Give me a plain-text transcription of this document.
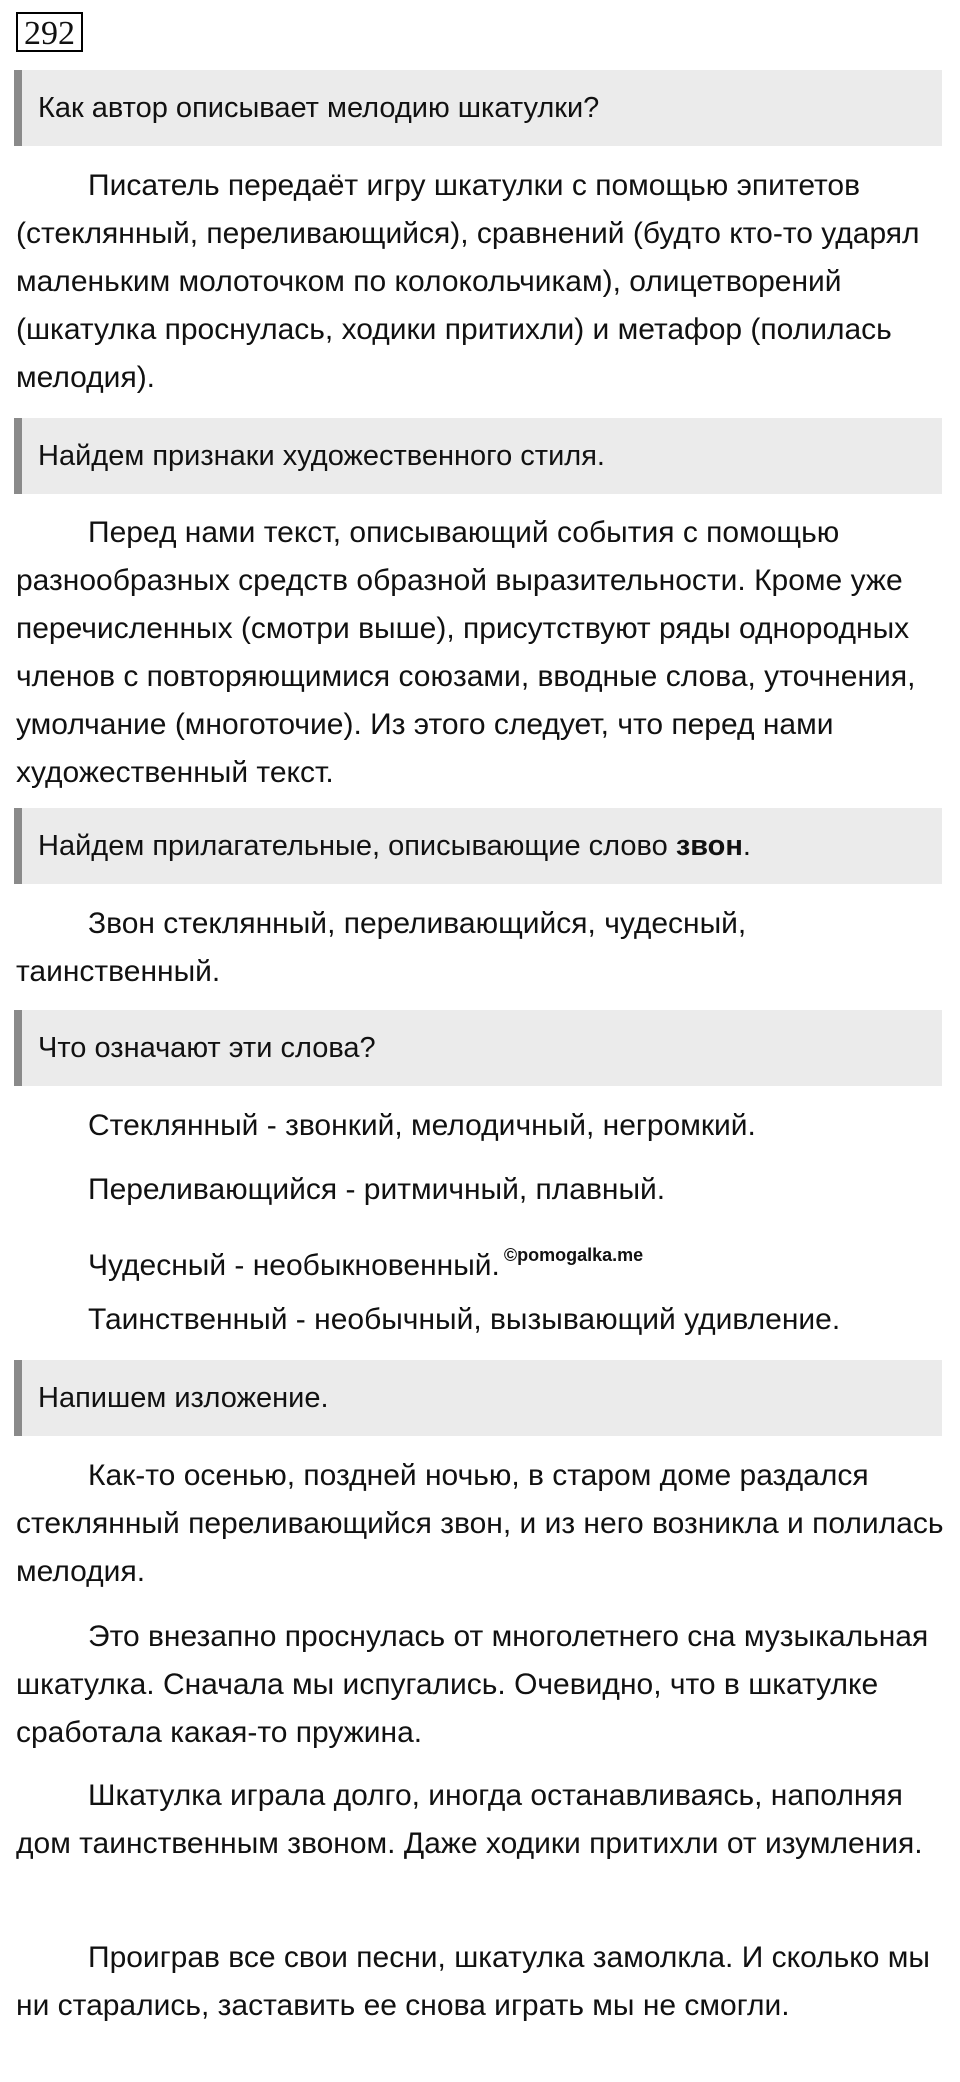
292
Как автор описывает мелодию шкатулки?

Писатель передаёт игру шкатулки с помощью эпитетов (стеклянный, переливающийся), сравнений (будто кто-то ударял маленьким молоточком по колокольчикам), олицетворений (шкатулка проснулась, ходики притихли) и метафор (полилась мелодия).

Найдем признаки художественного стиля.

Перед нами текст, описывающий события с помощью разнообразных средств образной выразительности. Кроме уже перечисленных (смотри выше), присутствуют ряды однородных членов с повторяющимися союзами, вводные слова, уточнения, умолчание (многоточие). Из этого следует, что перед нами художественный текст.

Найдем прилагательные, описывающие слово звон.

Звон стеклянный, переливающийся, чудесный, таинственный.

Что означают эти слова?
Стеклянный - звонкий, мелодичный, негромкий.
Переливающийся - ритмичный, плавный.
Чудесный - необыкновенный. $^{©pomogalka.me}$
Таинственный - необычный, вызывающий удивление.
Напишем изложение.

Как-то осенью, поздней ночью, в старом доме раздался стеклянный переливающийся звон, и из него возникла и полилась мелодия.

Это внезапно проснулась от многолетнего сна музыкальная шкатулка. Сначала мы испугались. Очевидно, что в шкатулке сработала какая-то пружина.

Шкатулка играла долго, иногда останавливаясь, наполняя дом таинственным звоном. Даже ходики притихли от изумления.

Проиграв все свои песни, шкатулка замолкла. И сколько мы ни старались, заставить ее снова играть мы не смогли.
